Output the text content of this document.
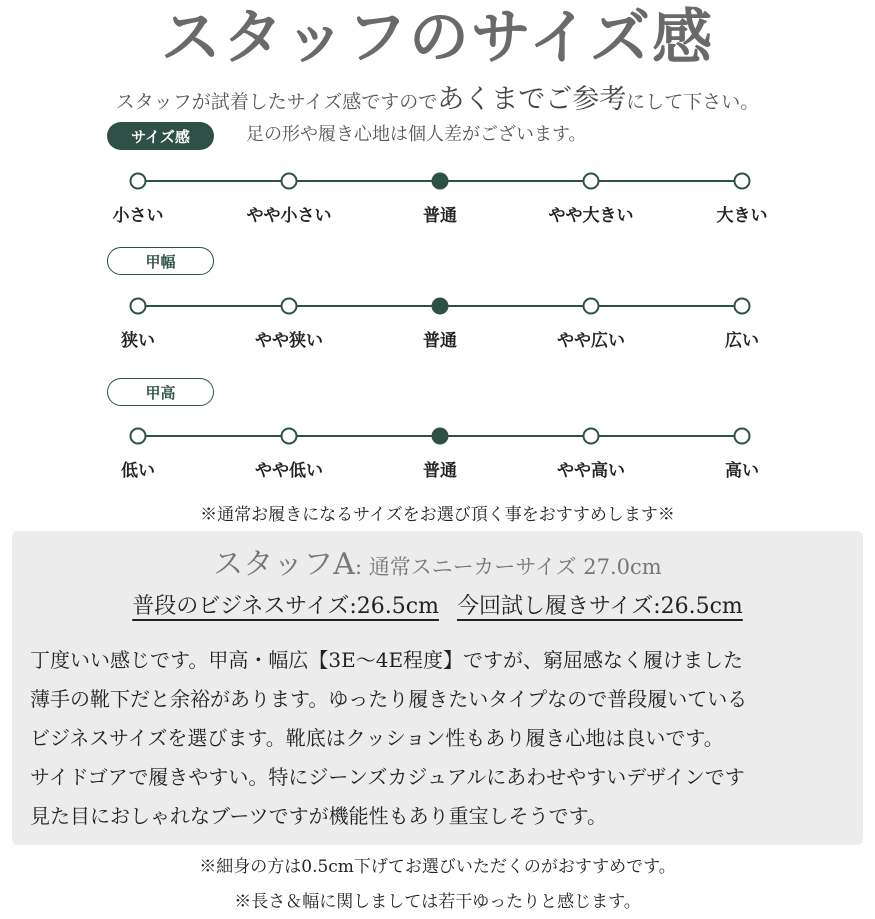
スタッフのサイズ感
スタッフが試着したサイズ感ですのであくまでご参考にして下さい。
足の形や履き心地は個人差がございます。
サイズ感
小さい	やや小さい	普通	やや大きい	大きい
甲幅
狭い	やや狭い	普通	やや広い	広い
甲高
低い	やや低い	普通	やや高い	高い
※通常お履きになるサイズをお選び頂く事をおすすめします※
スタッフA: 通常スニーカーサイズ 27.0cm
普段のビジネスサイズ:26.5cm 今回試し履きサイズ:26.5cm
丁度いい感じです。甲高・幅広【3E～4E程度】ですが、窮屈感なく履けました
薄手の靴下だと余裕があります。ゆったり履きたいタイプなので普段履いている
ビジネスサイズを選びます。靴底はクッション性もあり履き心地は良いです。
サイドゴアで履きやすい。特にジーンズカジュアルにあわせやすいデザインです
見た目におしゃれなブーツですが機能性もあり重宝しそうです。
※細身の方は0.5cm下げてお選びいただくのがおすすめです。
※長さ＆幅に関しましては若干ゆったりと感じます。
